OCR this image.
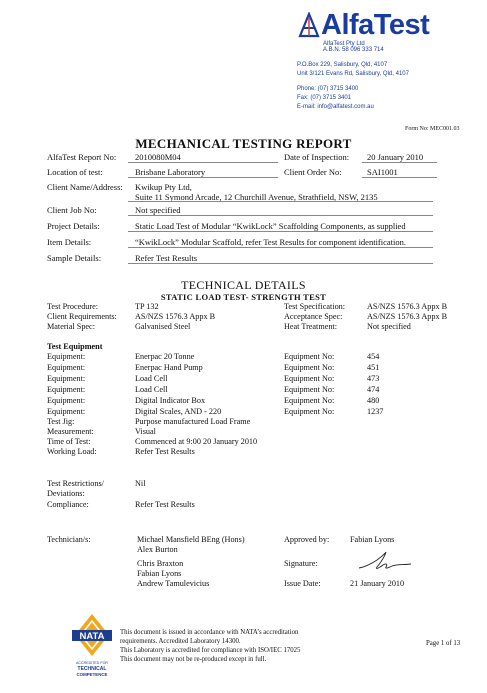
AlfaTest
AlfaTest Pty Ltd
A.B.N. 58 096 333 714
P.O.Box 229, Salisbury, Qld, 4107
Unit 3/121 Evans Rd, Salisbury, Qld, 4107
Phone: (07) 3715 3400
Fax: (07) 3715 3401
E-mail: info@alfatest.com.au
Form No: MEC001.03
MECHANICAL TESTING REPORT
AlfaTest Report No: 2010080M04	Date of Inspection: 20 January 2010
Location of test:	Brisbane Laboratory	Client Order No:	SAI1001
Client Name/Address: Kwikup Pty Ltd,
Suite 11 Symond Arcade, 12 Churchill Avenue, Strathfield, NSW, 2135
Client Job No:	Not specified
Project Details:	Static Load Test of Modular “KwikLock” Scaffolding Components, as supplied
Item Details:	“KwikLock” Modular Scaffold, refer Test Results for component identification.
Sample Details:	Refer Test Results
TECHNICAL DETAILS
STATIC LOAD TEST- STRENGTH TEST
Test Procedure:	TP 132	Test Specification:	AS/NZS 1576.3 Appx B
Client Requirements: AS/NZS 1576.3 Appx B	Acceptance Spec:	AS/NZS 1576.3 Appx B
Material Spec:	Galvanised Steel	Heat Treatment:	Not specified
Test Equipment
Equipment:	Enerpac 20 Tonne	Equipment No:	454
Equipment:	Enerpac Hand Pump	Equipment No:	451
Equipment:	Load Cell	Equipment No:	473
Equipment:	Load Cell	Equipment No:	474
Equipment:	Digital Indicator Box	Equipment No:	480
Equipment:	Digital Scales, AND - 220	Equipment No:	1237
Test Jig:	Purpose manufactured Load Frame
Measurement:	Visual
Time of Test:	Commenced at 9:00 20 January 2010
Working Load:	Refer Test Results
Test Restrictions/
Deviations:
Nil
Compliance:	Refer Test Results
Technician/s:	Michael Mansfield BEng (Hons)
Alex Burton
Chris Braxton
Fabian Lyons
Andrew Tamulevicius
Approved by:	Fabian Lyons
Signature:
Issue Date:	21 January 2010
NATA
ACCREDITED FOR
TECHNICAL
COMPETENCE
This document is issued in accordance with NATA’s accreditation
requirements. Accredited Laboratory 14300.
This Laboratory is accredited for compliance with ISO/IEC 17025
This document may not be re-produced except in full.
Page 1 of 13
